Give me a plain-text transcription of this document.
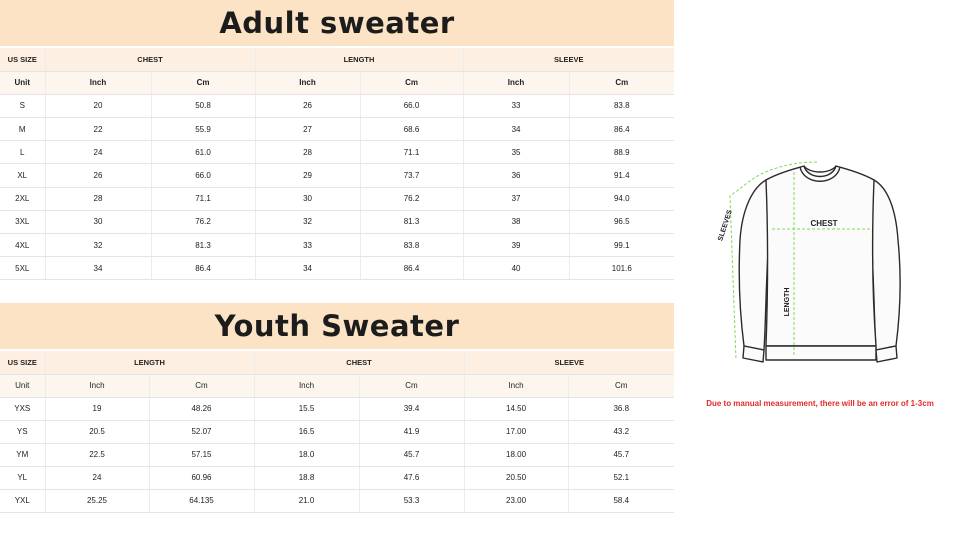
Adult sweater
US SIZE	CHEST		LENGTH		SLEEVE	
Unit	Inch	Cm	Inch	Cm	Inch	Cm
S	20	50.8	26	66.0	33	83.8
M	22	55.9	27	68.6	34	86.4
L	24	61.0	28	71.1	35	88.9
XL	26	66.0	29	73.7	36	91.4
2XL	28	71.1	30	76.2	37	94.0
3XL	30	76.2	32	81.3	38	96.5
4XL	32	81.3	33	83.8	39	99.1
5XL	34	86.4	34	86.4	40	101.6
Youth Sweater
US SIZE	LENGTH		CHEST		SLEEVE	
Unit	Inch	Cm	Inch	Cm	Inch	Cm
YXS	19	48.26	15.5	39.4	14.50	36.8
YS	20.5	52.07	16.5	41.9	17.00	43.2
YM	22.5	57.15	18.0	45.7	18.00	45.7
YL	24	60.96	18.8	47.6	20.50	52.1
YXL	25.25	64.135	21.0	53.3	23.00	58.4
CHEST
LENGTH
SLEEVES
Due to manual measurement, there will be an error of 1-3cm
